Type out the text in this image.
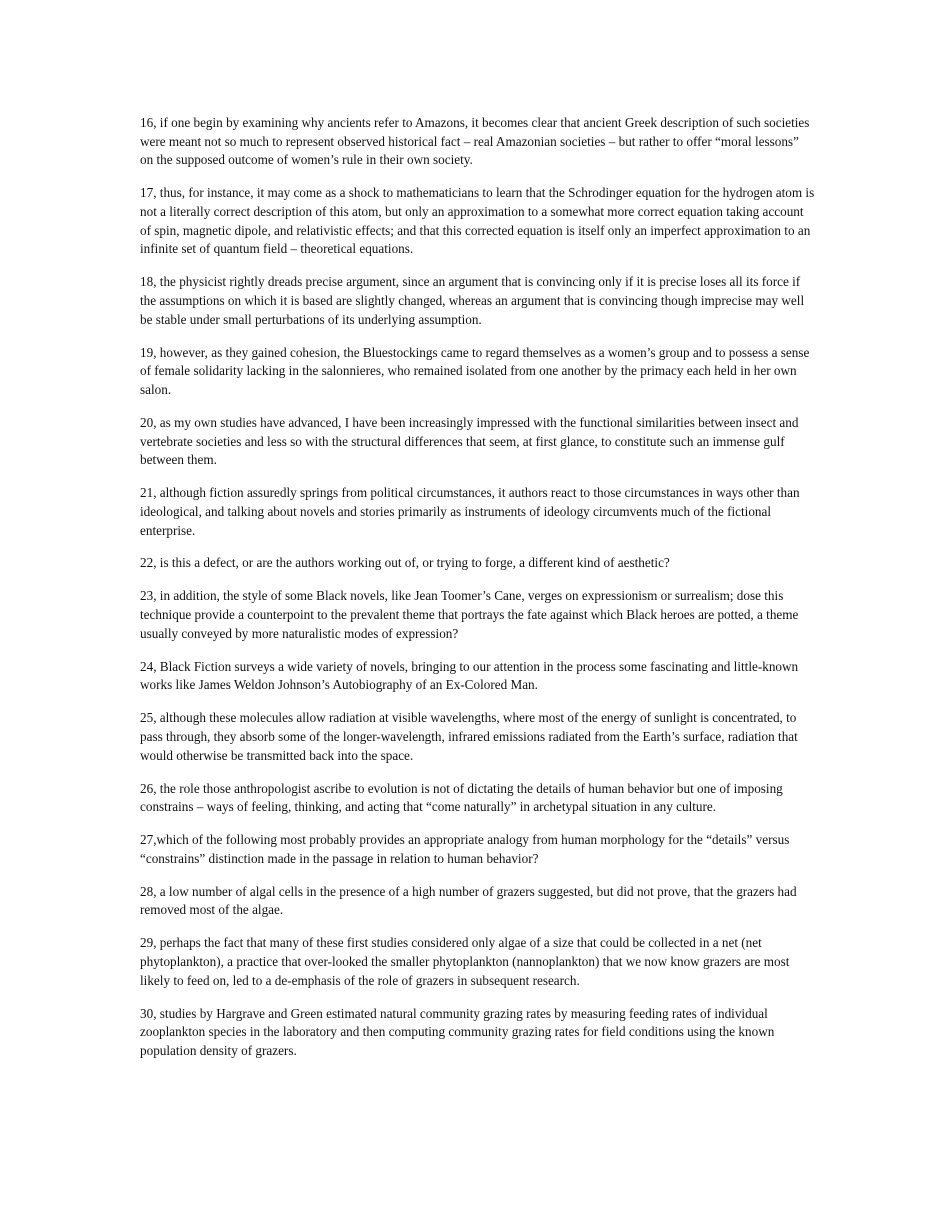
16, if one begin by examining why ancients refer to Amazons, it becomes clear that ancient Greek description of such societies were meant not so much to represent observed historical fact – real Amazonian societies – but rather to offer “moral lessons” on the supposed outcome of women’s rule in their own society.

17, thus, for instance, it may come as a shock to mathematicians to learn that the Schrodinger equation for the hydrogen atom is not a literally correct description of this atom, but only an approximation to a somewhat more correct equation taking account of spin, magnetic dipole, and relativistic effects; and that this corrected equation is itself only an imperfect approximation to an infinite set of quantum field – theoretical equations.

18, the physicist rightly dreads precise argument, since an argument that is convincing only if it is precise loses all its force if the assumptions on which it is based are slightly changed, whereas an argument that is convincing though imprecise may well be stable under small perturbations of its underlying assumption.

19, however, as they gained cohesion, the Bluestockings came to regard themselves as a women’s group and to possess a sense of female solidarity lacking in the salonnieres, who remained isolated from one another by the primacy each held in her own salon.

20, as my own studies have advanced, I have been increasingly impressed with the functional similarities between insect and vertebrate societies and less so with the structural differences that seem, at first glance, to constitute such an immense gulf between them.

21, although fiction assuredly springs from political circumstances, it authors react to those circumstances in ways other than ideological, and talking about novels and stories primarily as instruments of ideology circumvents much of the fictional enterprise.

22, is this a defect, or are the authors working out of, or trying to forge, a different kind of aesthetic?

23, in addition, the style of some Black novels, like Jean Toomer’s Cane, verges on expressionism or surrealism; dose this technique provide a counterpoint to the prevalent theme that portrays the fate against which Black heroes are potted, a theme usually conveyed by more naturalistic modes of expression?

24, Black Fiction surveys a wide variety of novels, bringing to our attention in the process some fascinating and little-known works like James Weldon Johnson’s Autobiography of an Ex-Colored Man.

25, although these molecules allow radiation at visible wavelengths, where most of the energy of sunlight is concentrated, to pass through, they absorb some of the longer-wavelength, infrared emissions radiated from the Earth’s surface, radiation that would otherwise be transmitted back into the space.

26, the role those anthropologist ascribe to evolution is not of dictating the details of human behavior but one of imposing constrains – ways of feeling, thinking, and acting that “come naturally” in archetypal situation in any culture.

27,which of the following most probably provides an appropriate analogy from human morphology for the “details” versus “constrains” distinction made in the passage in relation to human behavior?

28, a low number of algal cells in the presence of a high number of grazers suggested, but did not prove, that the grazers had removed most of the algae.

29, perhaps the fact that many of these first studies considered only algae of a size that could be collected in a net (net phytoplankton), a practice that over-looked the smaller phytoplankton (nannoplankton) that we now know grazers are most likely to feed on, led to a de-emphasis of the role of grazers in subsequent research.

30, studies by Hargrave and Green estimated natural community grazing rates by measuring feeding rates of individual zooplankton species in the laboratory and then computing community grazing rates for field conditions using the known population density of grazers.
